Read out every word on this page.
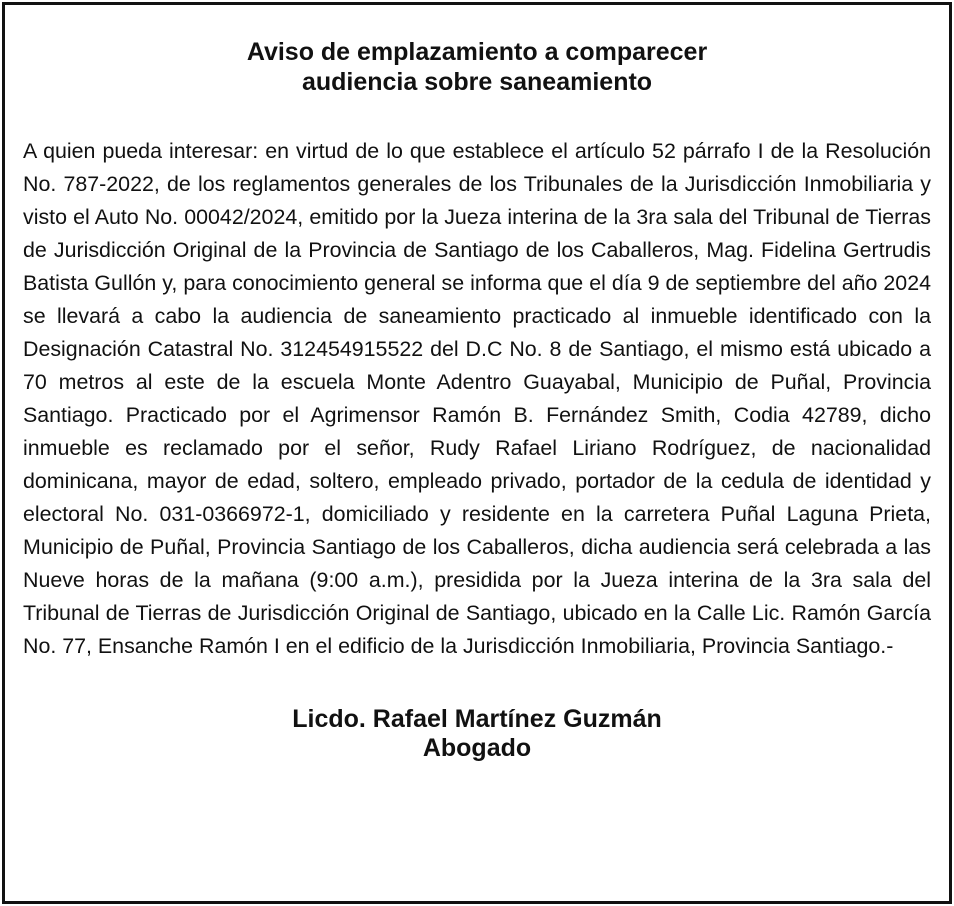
Aviso de emplazamiento a comparecer
audiencia sobre saneamiento

A quien pueda interesar: en virtud de lo que establece el artículo 52 párrafo I de la Resolución No. 787-2022, de los reglamentos generales de los Tribunales de la Jurisdicción Inmobiliaria y visto el Auto No. 00042/2024, emitido por la Jueza interina de la 3ra sala del Tribunal de Tierras de Jurisdicción Original de la Provincia de Santiago de los Caballeros, Mag. Fidelina Gertrudis Batista Gullón y, para conocimiento general se informa que el día 9 de septiembre del año 2024 se llevará a cabo la audiencia de saneamiento practicado al inmueble identificado con la Designación Catastral No. 312454915522 del D.C No. 8 de Santiago, el mismo está ubicado a 70 metros al este de la escuela Monte Adentro Guayabal, Municipio de Puñal, Provincia Santiago. Practicado por el Agrimensor Ramón B. Fernández Smith, Codia 42789, dicho inmueble es reclamado por el señor, Rudy Rafael Liriano Rodríguez, de nacionalidad dominicana, mayor de edad, soltero, empleado privado, portador de la cedula de identidad y electoral No. 031-0366972-1, domiciliado y residente en la carretera Puñal Laguna Prieta, Municipio de Puñal, Provincia Santiago de los Caballeros, dicha audiencia será celebrada a las Nueve horas de la mañana (9:00 a.m.), presidida por la Jueza interina de la 3ra sala del Tribunal de Tierras de Jurisdicción Original de Santiago, ubicado en la Calle Lic. Ramón García No. 77, Ensanche Ramón I en el edificio de la Jurisdicción Inmobiliaria, Provincia Santiago.-

Licdo. Rafael Martínez Guzmán
Abogado
